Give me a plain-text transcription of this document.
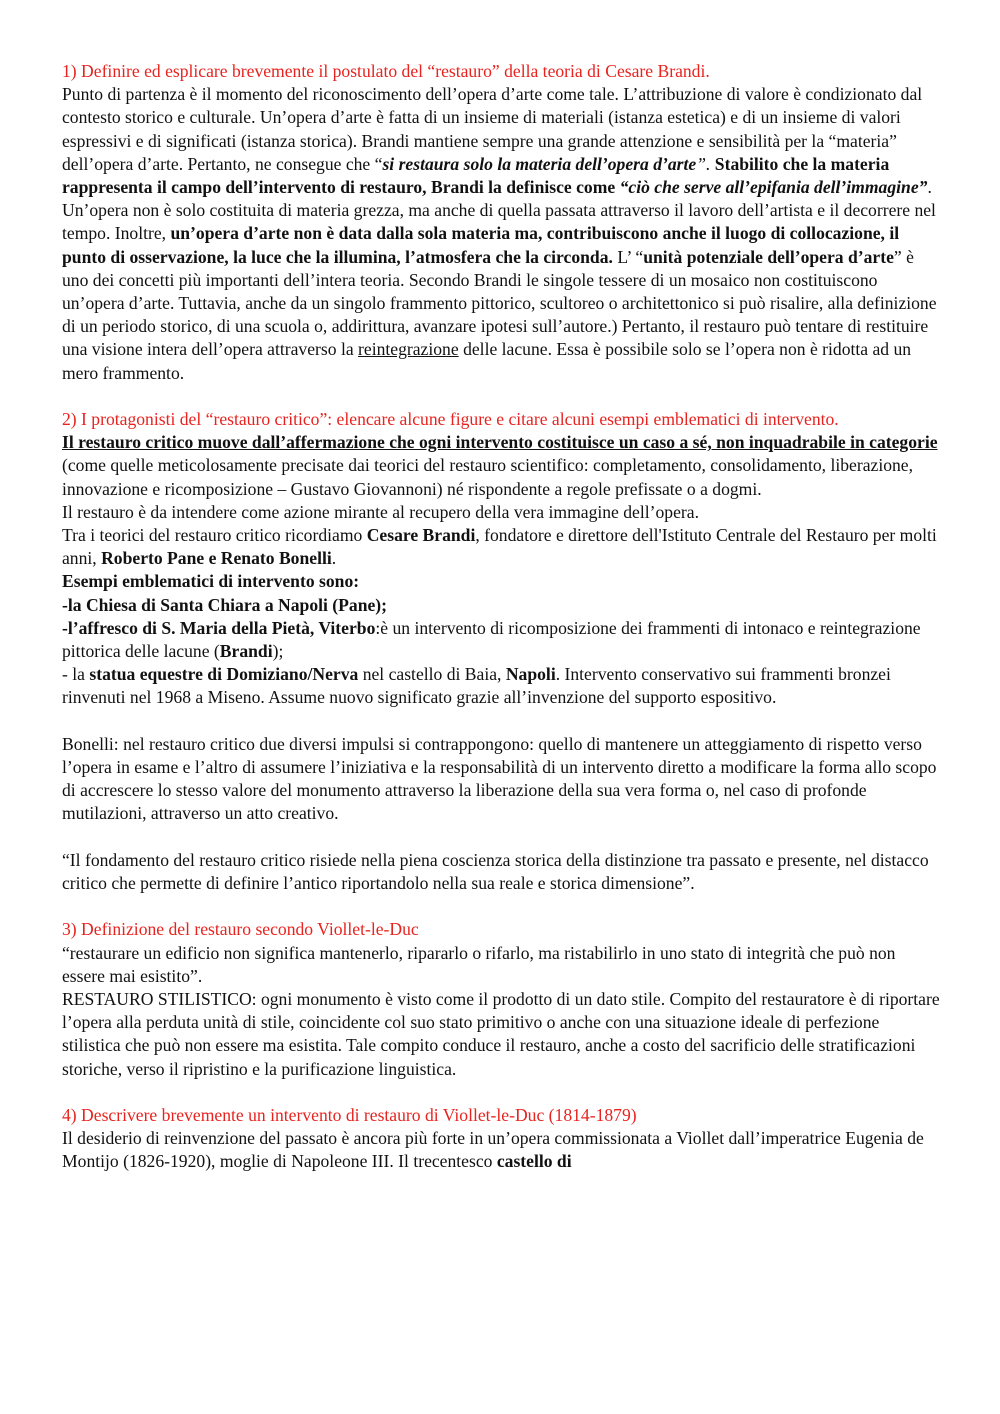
1) Definire ed esplicare brevemente il postulato del “restauro” della teoria di Cesare Brandi.

Punto di partenza è il momento del riconoscimento dell’opera d’arte come tale. L’attribuzione di valore è condizionato dal contesto storico e culturale. Un’opera d’arte è fatta di un insieme di materiali (istanza estetica) e di un insieme di valori espressivi e di significati (istanza storica). Brandi mantiene sempre una grande attenzione e sensibilità per la “materia” dell’opera d’arte. Pertanto, ne consegue che “si restaura solo la materia dell’opera d’arte”. Stabilito che la materia rappresenta il campo dell’intervento di restauro, Brandi la definisce come “ciò che serve all’epifania dell’immagine”. Un’opera non è solo costituita di materia grezza, ma anche di quella passata attraverso il lavoro dell’artista e il decorrere nel tempo. Inoltre, un’opera d’arte non è data dalla sola materia ma, contribuiscono anche il luogo di collocazione, il punto di osservazione, la luce che la illumina, l’atmosfera che la circonda. L’ “unità potenziale dell’opera d’arte” è uno dei concetti più importanti dell’intera teoria. Secondo Brandi le singole tessere di un mosaico non costituiscono un’opera d’arte. Tuttavia, anche da un singolo frammento pittorico, scultoreo o architettonico si può risalire, alla definizione di un periodo storico, di una scuola o, addirittura, avanzare ipotesi sull’autore.) Pertanto, il restauro può tentare di restituire una visione intera dell’opera attraverso la reintegrazione delle lacune. Essa è possibile solo se l’opera non è ridotta ad un mero frammento.

2) I protagonisti del “restauro critico”: elencare alcune figure e citare alcuni esempi emblematici di intervento.

Il restauro critico muove dall’affermazione che ogni intervento costituisce un caso a sé, non inquadrabile in categorie (come quelle meticolosamente precisate dai teorici del restauro scientifico: completamento, consolidamento, liberazione, innovazione e ricomposizione – Gustavo Giovannoni) né rispondente a regole prefissate o a dogmi.

Il restauro è da intendere come azione mirante al recupero della vera immagine dell’opera.

Tra i teorici del restauro critico ricordiamo Cesare Brandi, fondatore e direttore dell'Istituto Centrale del Restauro per molti anni, Roberto Pane e Renato Bonelli.

Esempi emblematici di intervento sono:

-la Chiesa di Santa Chiara a Napoli (Pane);

-l’affresco di S. Maria della Pietà, Viterbo:è un intervento di ricomposizione dei frammenti di intonaco e reintegrazione pittorica delle lacune (Brandi);

- la statua equestre di Domiziano/Nerva nel castello di Baia, Napoli. Intervento conservativo sui frammenti bronzei rinvenuti nel 1968 a Miseno. Assume nuovo significato grazie all’invenzione del supporto espositivo.

Bonelli: nel restauro critico due diversi impulsi si contrappongono: quello di mantenere un atteggiamento di rispetto verso l’opera in esame e l’altro di assumere l’iniziativa e la responsabilità di un intervento diretto a modificare la forma allo scopo di accrescere lo stesso valore del monumento attraverso la liberazione della sua vera forma o, nel caso di profonde mutilazioni, attraverso un atto creativo.

“Il fondamento del restauro critico risiede nella piena coscienza storica della distinzione tra passato e presente, nel distacco critico che permette di definire l’antico riportandolo nella sua reale e storica dimensione”.

3) Definizione del restauro secondo Viollet-le-Duc

“restaurare un edificio non significa mantenerlo, ripararlo o rifarlo, ma ristabilirlo in uno stato di integrità che può non essere mai esistito”.

RESTAURO STILISTICO: ogni monumento è visto come il prodotto di un dato stile. Compito del restauratore è di riportare l’opera alla perduta unità di stile, coincidente col suo stato primitivo o anche con una situazione ideale di perfezione stilistica che può non essere ma esistita. Tale compito conduce il restauro, anche a costo del sacrificio delle stratificazioni storiche, verso il ripristino e la purificazione linguistica.

4) Descrivere brevemente un intervento di restauro di Viollet-le-Duc (1814-1879)

Il desiderio di reinvenzione del passato è ancora più forte in un’opera commissionata a Viollet dall’imperatrice Eugenia de Montijo (1826-1920), moglie di Napoleone III. Il trecentesco castello di
